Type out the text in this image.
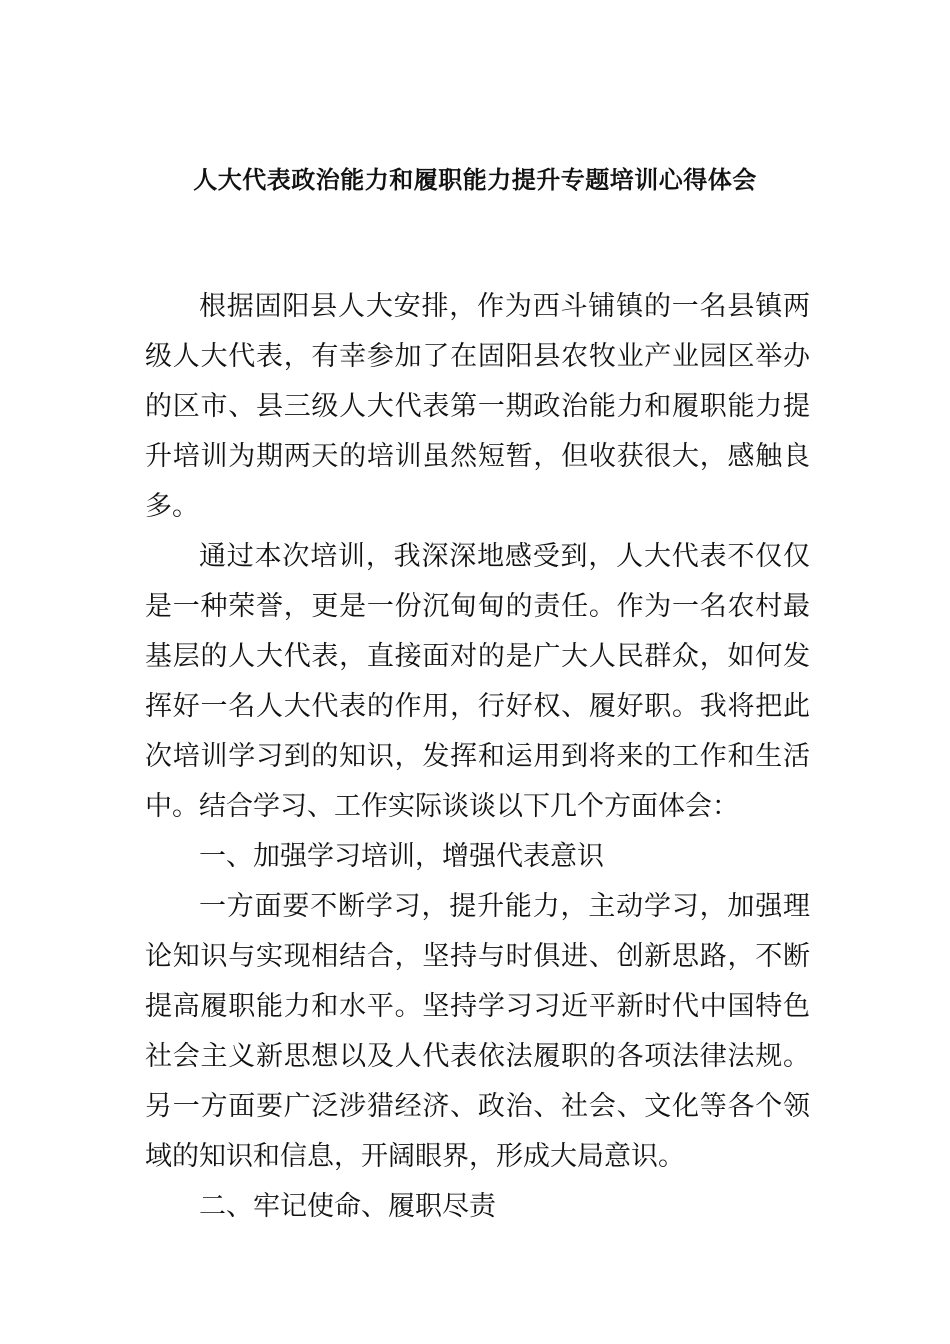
人大代表政治能力和履职能力提升专题培训心得体会

根据固阳县人大安排，作为西斗铺镇的一名县镇两级人大代表，有幸参加了在固阳县农牧业产业园区举办的区市、县三级人大代表第一期政治能力和履职能力提升培训为期两天的培训虽然短暂，但收获很大，感触良多。

通过本次培训，我深深地感受到，人大代表不仅仅是一种荣誉，更是一份沉甸甸的责任。作为一名农村最基层的人大代表，直接面对的是广大人民群众，如何发挥好一名人大代表的作用，行好权、履好职。我将把此次培训学习到的知识，发挥和运用到将来的工作和生活中。结合学习、工作实际谈谈以下几个方面体会：

一、加强学习培训，增强代表意识

一方面要不断学习，提升能力，主动学习，加强理论知识与实现相结合，坚持与时俱进、创新思路，不断提高履职能力和水平。坚持学习习近平新时代中国特色社会主义新思想以及人代表依法履职的各项法律法规。另一方面要广泛涉猎经济、政治、社会、文化等各个领域的知识和信息，开阔眼界，形成大局意识。

二、牢记使命、履职尽责
